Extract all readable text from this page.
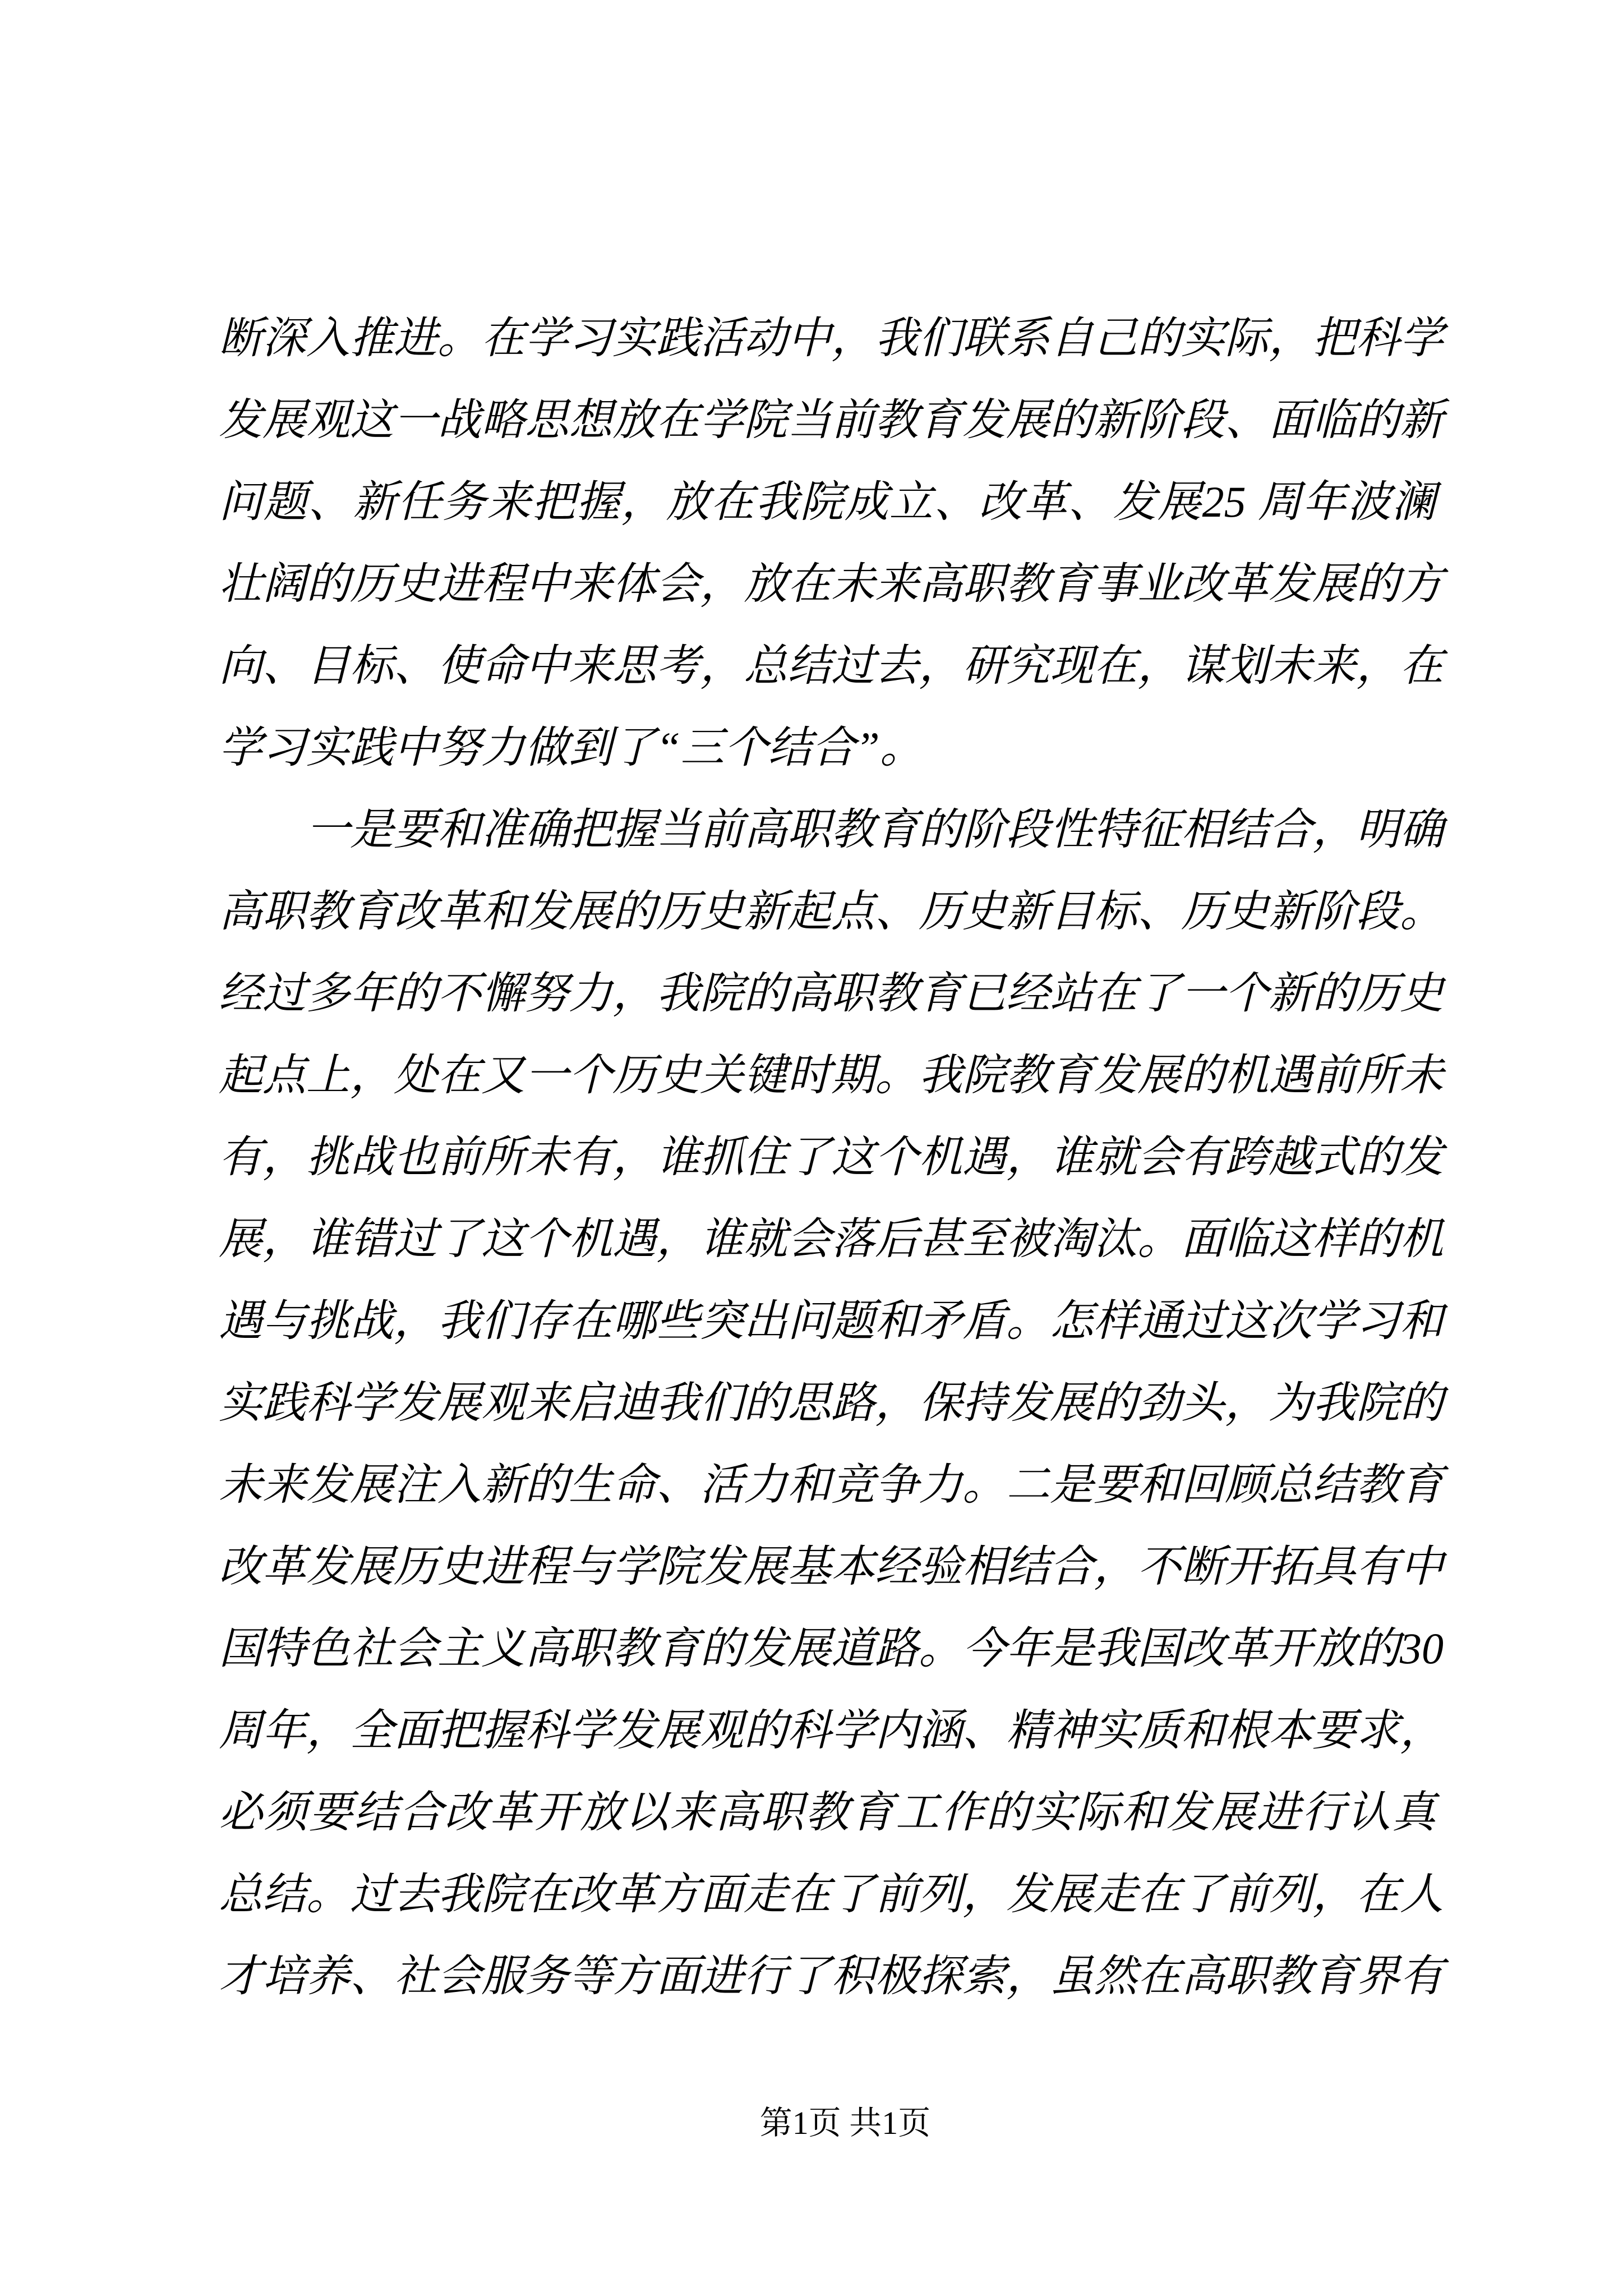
断深入推进。在学习实践活动中，我们联系自己的实际，把科学
发展观这一战略思想放在学院当前教育发展的新阶段、面临的新
问题、新任务来把握，放在我院成立、改革、发展25 周年波澜
壮阔的历史进程中来体会，放在未来高职教育事业改革发展的方
向、目标、使命中来思考，总结过去，研究现在，谋划未来，在
学习实践中努力做到了“三个结合”。
一是要和准确把握当前高职教育的阶段性特征相结合，明确
高职教育改革和发展的历史新起点、历史新目标、历史新阶段。
经过多年的不懈努力，我院的高职教育已经站在了一个新的历史
起点上，处在又一个历史关键时期。我院教育发展的机遇前所未
有，挑战也前所未有，谁抓住了这个机遇，谁就会有跨越式的发
展，谁错过了这个机遇，谁就会落后甚至被淘汰。面临这样的机
遇与挑战，我们存在哪些突出问题和矛盾。怎样通过这次学习和
实践科学发展观来启迪我们的思路，保持发展的劲头，为我院的
未来发展注入新的生命、活力和竞争力。二是要和回顾总结教育
改革发展历史进程与学院发展基本经验相结合，不断开拓具有中
国特色社会主义高职教育的发展道路。今年是我国改革开放的30
周年，全面把握科学发展观的科学内涵、精神实质和根本要求，
必须要结合改革开放以来高职教育工作的实际和发展进行认真
总结。过去我院在改革方面走在了前列，发展走在了前列，在人
才培养、社会服务等方面进行了积极探索，虽然在高职教育界有
第1页 共1页
